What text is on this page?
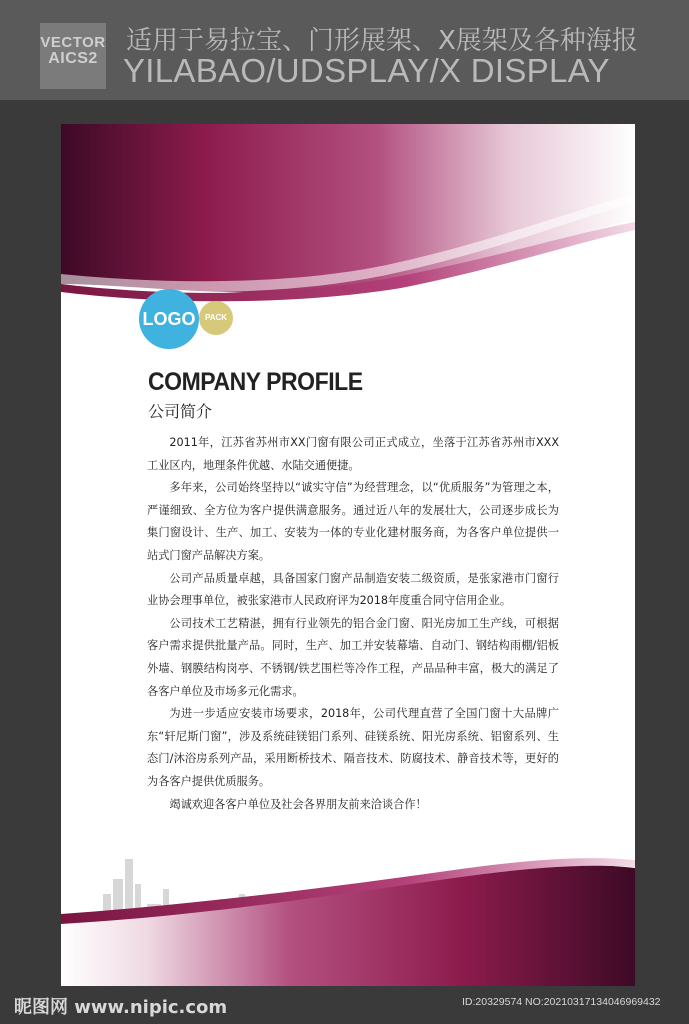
VECTOR
AICS2
适用于易拉宝、门形展架、X展架及各种海报
YILABAO/UDSPLAY/X DISPLAY
LOGO	PACK
COMPANY PROFILE
公司简介

2011年，江苏省苏州市XX门窗有限公司正式成立，坐落于江苏省苏州市XXX工业区内，地理条件优越、水陆交通便捷。

多年来，公司始终坚持以“诚实守信”为经营理念，以“优质服务”为管理之本，严谨细致、全方位为客户提供满意服务。通过近八年的发展壮大，公司逐步成长为集门窗设计、生产、加工、安装为一体的专业化建材服务商，为各客户单位提供一站式门窗产品解决方案。

公司产品质量卓越，具备国家门窗产品制造安装二级资质，是张家港市门窗行业协会理事单位，被张家港市人民政府评为2018年度重合同守信用企业。

公司技术工艺精湛，拥有行业领先的铝合金门窗、阳光房加工生产线，可根据客户需求提供批量产品。同时，生产、加工并安装幕墙、自动门、钢结构雨棚/铝板外墙、钢膜结构岗亭、不锈钢/铁艺围栏等冷作工程，产品品种丰富，极大的满足了各客户单位及市场多元化需求。

为进一步适应安装市场要求，2018年，公司代理直营了全国门窗十大品牌广东“轩尼斯门窗”，涉及系统硅镁铝门系列、硅镁系统、阳光房系统、铝窗系列、生态门/沐浴房系列产品，采用断桥技术、隔音技术、防腐技术、静音技术等，更好的为各客户提供优质服务。

竭诚欢迎各客户单位及社会各界朋友前来洽谈合作！

昵图网 www.nipic.com	ID:20329574 NO:20210317134046969432
